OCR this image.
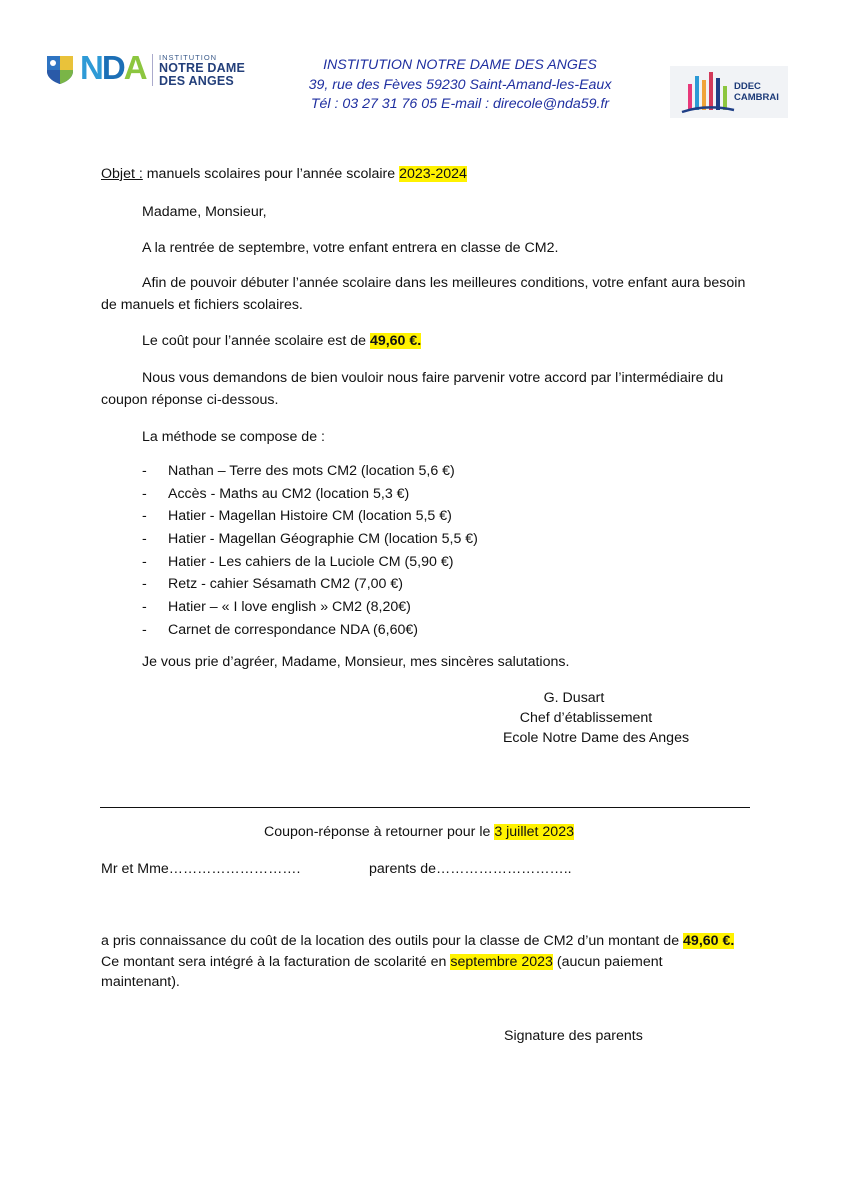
NDA INSTITUTION
NOTRE DAME
DES ANGES
INSTITUTION NOTRE DAME DES ANGES
39, rue des Fèves 59230 Saint-Amand-les-Eaux
Tél : 03 27 31 76 05 E-mail : direcole@nda59.fr
DDEC
CAMBRAI
Objet : manuels scolaires pour l’année scolaire 2023-2024
Madame, Monsieur,
A la rentrée de septembre, votre enfant entrera en classe de CM2.
Afin de pouvoir débuter l’année scolaire dans les meilleures conditions, votre enfant aura besoin
de manuels et fichiers scolaires.
Le coût pour l’année scolaire est de 49,60 €.
Nous vous demandons de bien vouloir nous faire parvenir votre accord par l’intermédiaire du
coupon réponse ci-dessous.
La méthode se compose de :
- Nathan – Terre des mots CM2 (location 5,6 €)
- Accès - Maths au CM2 (location 5,3 €)
- Hatier - Magellan Histoire CM (location 5,5 €)
- Hatier - Magellan Géographie CM (location 5,5 €)
- Hatier - Les cahiers de la Luciole CM (5,90 €)
- Retz - cahier Sésamath CM2 (7,00 €)
- Hatier – « I love english » CM2 (8,20€)
- Carnet de correspondance NDA (6,60€)
Je vous prie d’agréer, Madame, Monsieur, mes sincères salutations.
G. Dusart
Chef d’établissement
Ecole Notre Dame des Anges
Coupon-réponse à retourner pour le 3 juillet 2023
Mr et Mme……………………….	parents de………………………..
a pris connaissance du coût de la location des outils pour la classe de CM2 d’un montant de 49,60 €.
Ce montant sera intégré à la facturation de scolarité en septembre 2023 (aucun paiement
maintenant).
Signature des parents
